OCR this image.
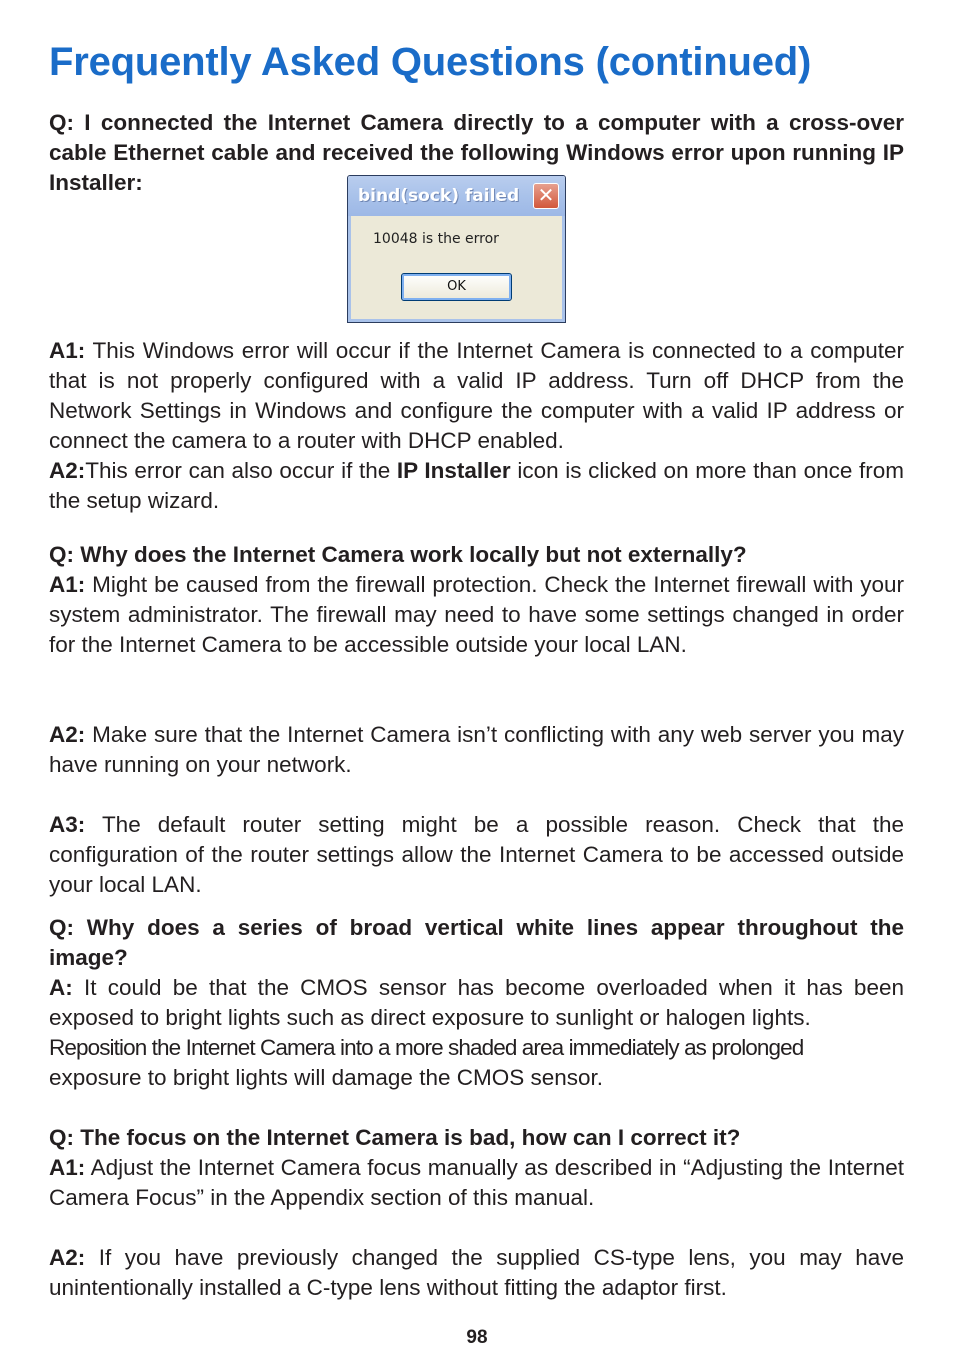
Frequently Asked Questions (continued)

Q: I connected the Internet Camera directly to a computer with a cross-over cable Ethernet cable and received the following Windows error upon running IP Installer:

bind(sock) failed ✕
10048 is the error
OK

A1: This Windows error will occur if the Internet Camera is connected to a computer that is not properly configured with a valid IP address. Turn off DHCP from the Network Settings in Windows and configure the computer with a valid IP address or connect the camera to a router with DHCP enabled.

A2:This error can also occur if the IP Installer icon is clicked on more than once from the setup wizard.

Q: Why does the Internet Camera work locally but not externally?

A1: Might be caused from the firewall protection. Check the Internet firewall with your system administrator. The firewall may need to have some settings changed in order for the Internet Camera to be accessible outside your local LAN.

A2: Make sure that the Internet Camera isn’t conflicting with any web server you may have running on your network.

A3: The default router setting might be a possible reason. Check that the configuration of the router settings allow the Internet Camera to be accessed outside your local LAN.

Q: Why does a series of broad vertical white lines appear throughout the image?

A: It could be that the CMOS sensor has become overloaded when it has been exposed to bright lights such as direct exposure to sunlight or halogen lights.

Reposition the Internet Camera into a more shaded area immediately as prolonged

exposure to bright lights will damage the CMOS sensor.

Q: The focus on the Internet Camera is bad, how can I correct it?

A1: Adjust the Internet Camera focus manually as described in “Adjusting the Internet Camera Focus” in the Appendix section of this manual.

A2: If you have previously changed the supplied CS-type lens, you may have unintentionally installed a C-type lens without fitting the adaptor first.

98
